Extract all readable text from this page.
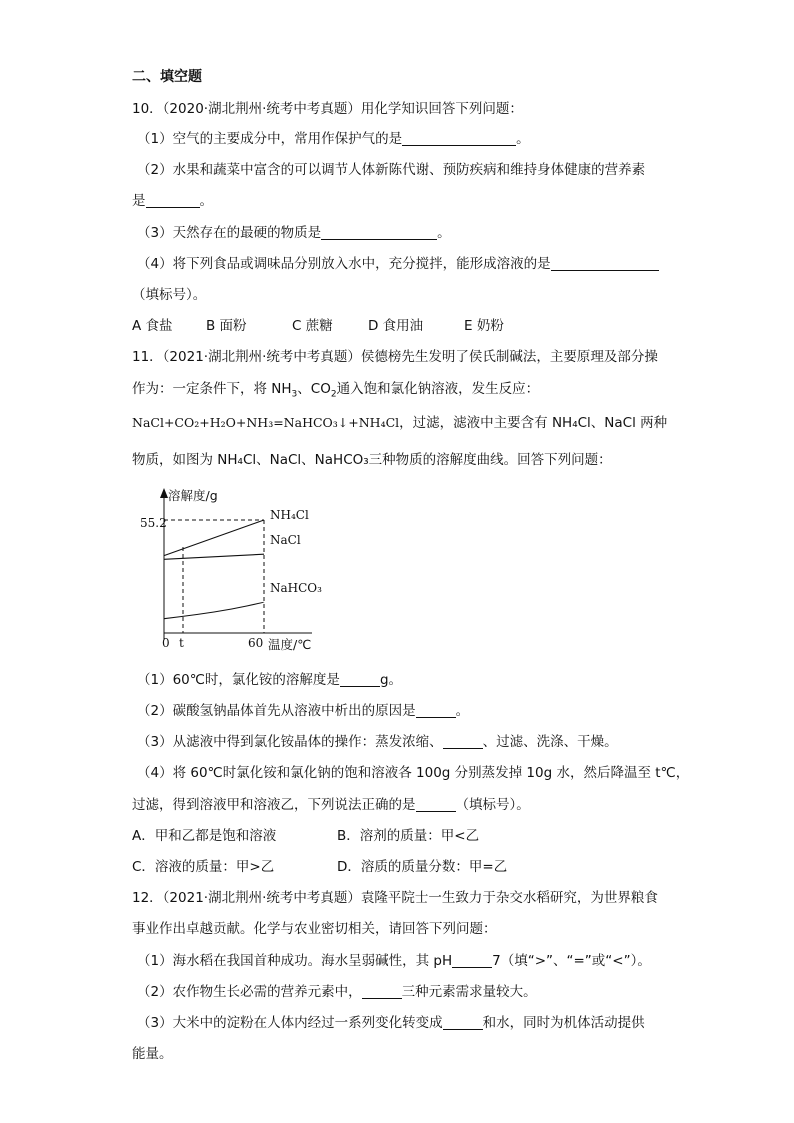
二、填空题
10．（2020·湖北荆州·统考中考真题）用化学知识回答下列问题：
（1）空气的主要成分中，常用作保护气的是	。
（2）水果和蔬菜中富含的可以调节人体新陈代谢、预防疾病和维持身体健康的营养素
是	。
（3）天然存在的最硬的物质是	。
（4）将下列食品或调味品分别放入水中，充分搅拌，能形成溶液的是
（填标号）。
A 食盐 B 面粉	C 蔗糖	D 食用油	E 奶粉
11．（2021·湖北荆州·统考中考真题）侯德榜先生发明了侯氏制碱法，主要原理及部分操
作为：一定条件下，将 $NH_3$、$CO_2$通入饱和氯化钠溶液，发生反应：
NaCl+CO₂+H₂O+NH₃=NaHCO₃↓+NH₄Cl，过滤，滤液中主要含有 NH₄Cl、NaCl 两种
物质，如图为 NH₄Cl、NaCl、NaHCO₃三种物质的溶解度曲线。回答下列问题：
溶解度/g
55.2
0 t	60 温度/℃
NH₄Cl
NaCl
NaHCO₃
（1）60℃时，氯化铵的溶解度是	g。
（2）碳酸氢钠晶体首先从溶液中析出的原因是	。
（3）从滤液中得到氯化铵晶体的操作：蒸发浓缩、	、过滤、洗涤、干燥。
（4）将 60℃时氯化铵和氯化钠的饱和溶液各 100g 分别蒸发掉 10g 水，然后降温至 t℃，
过滤，得到溶液甲和溶液乙，下列说法正确的是	（填标号）。
A．甲和乙都是饱和溶液	B．溶剂的质量：甲<乙
C．溶液的质量：甲>乙	D．溶质的质量分数：甲=乙
12．（2021·湖北荆州·统考中考真题）袁隆平院士一生致力于杂交水稻研究，为世界粮食
事业作出卓越贡献。化学与农业密切相关，请回答下列问题：
（1）海水稻在我国首种成功。海水呈弱碱性，其 pH	7（填“>”、“=”或“<”）。
（2）农作物生长必需的营养元素中，	三种元素需求量较大。
（3）大米中的淀粉在人体内经过一系列变化转变成	和水，同时为机体活动提供
能量。
